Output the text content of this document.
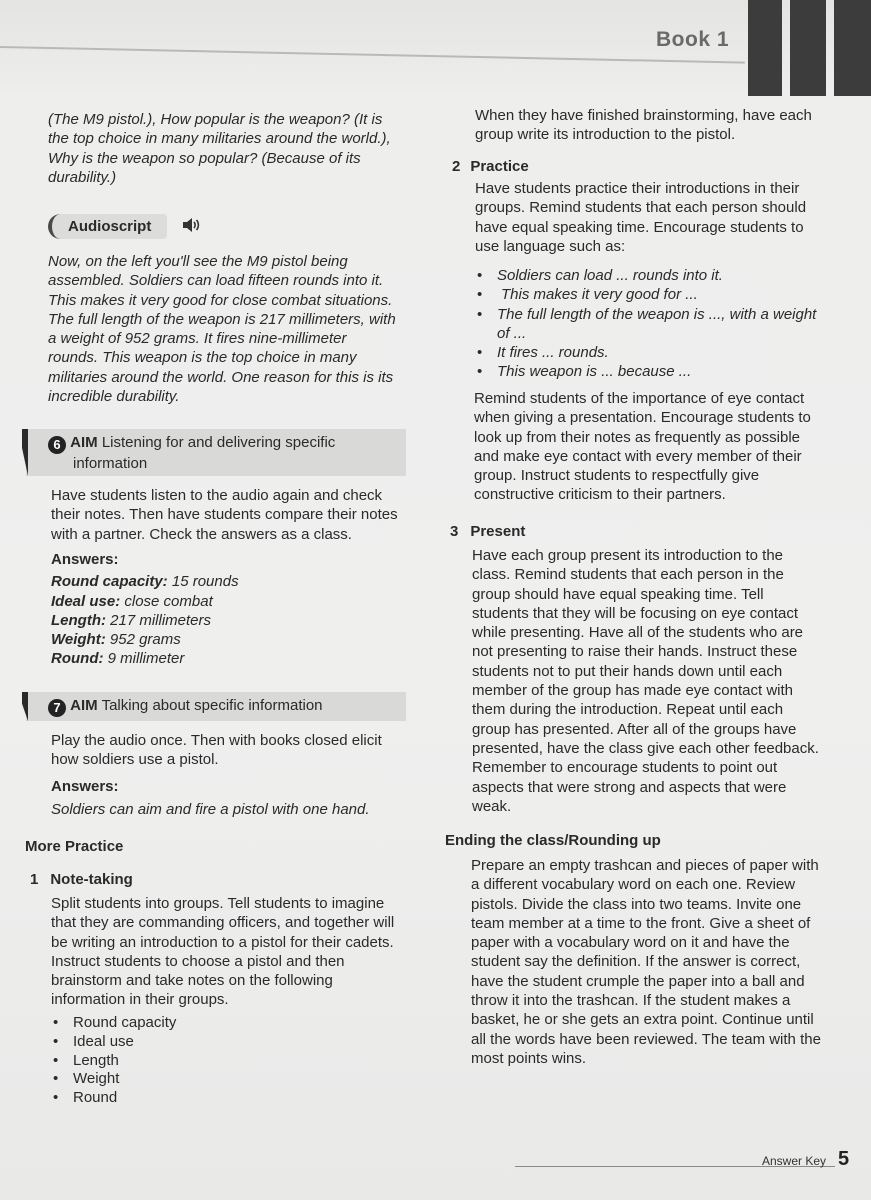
Book 1

(The M9 pistol.), How popular is the weapon? (It is

the top choice in many militaries around the world.),

Why is the weapon so popular? (Because of its

durability.)

Audioscript

Now, on the left you'll see the M9 pistol being

assembled. Soldiers can load fifteen rounds into it.

This makes it very good for close combat situations.

The full length of the weapon is 217 millimeters, with

a weight of 952 grams. It fires nine-millimeter

rounds. This weapon is the top choice in many

militaries around the world. One reason for this is its

incredible durability.

6 AIM Listening for and delivering specific

information

Have students listen to the audio again and check

their notes. Then have students compare their notes

with a partner. Check the answers as a class.

Answers:

Round capacity: 15 rounds

Ideal use: close combat

Length: 217 millimeters

Weight: 952 grams

Round: 9 millimeter

7 AIM Talking about specific information

Play the audio once. Then with books closed elicit

how soldiers use a pistol.

Answers:

Soldiers can aim and fire a pistol with one hand.

More Practice

1 Note-taking

Split students into groups. Tell students to imagine

that they are commanding officers, and together will

be writing an introduction to a pistol for their cadets.

Instruct students to choose a pistol and then

brainstorm and take notes on the following

information in their groups.

• Round capacity
• Ideal use
• Length
• Weight
• Round

When they have finished brainstorming, have each

group write its introduction to the pistol.

2 Practice

Have students practice their introductions in their

groups. Remind students that each person should

have equal speaking time. Encourage students to

use language such as:

• Soldiers can load ... rounds into it.
• This makes it very good for ...
• The full length of the weapon is ..., with a weight
of ...
• It fires ... rounds.
• This weapon is ... because ...

Remind students of the importance of eye contact

when giving a presentation. Encourage students to

look up from their notes as frequently as possible

and make eye contact with every member of their

group. Instruct students to respectfully give

constructive criticism to their partners.

3 Present

Have each group present its introduction to the

class. Remind students that each person in the

group should have equal speaking time. Tell

students that they will be focusing on eye contact

while presenting. Have all of the students who are

not presenting to raise their hands. Instruct these

students not to put their hands down until each

member of the group has made eye contact with

them during the introduction. Repeat until each

group has presented. After all of the groups have

presented, have the class give each other feedback.

Remember to encourage students to point out

aspects that were strong and aspects that were

weak.

Ending the class/Rounding up

Prepare an empty trashcan and pieces of paper with

a different vocabulary word on each one. Review

pistols. Divide the class into two teams. Invite one

team member at a time to the front. Give a sheet of

paper with a vocabulary word on it and have the

student say the definition. If the answer is correct,

have the student crumple the paper into a ball and

throw it into the trashcan. If the student makes a

basket, he or she gets an extra point. Continue until

all the words have been reviewed. The team with the

most points wins.

Answer Key 5
